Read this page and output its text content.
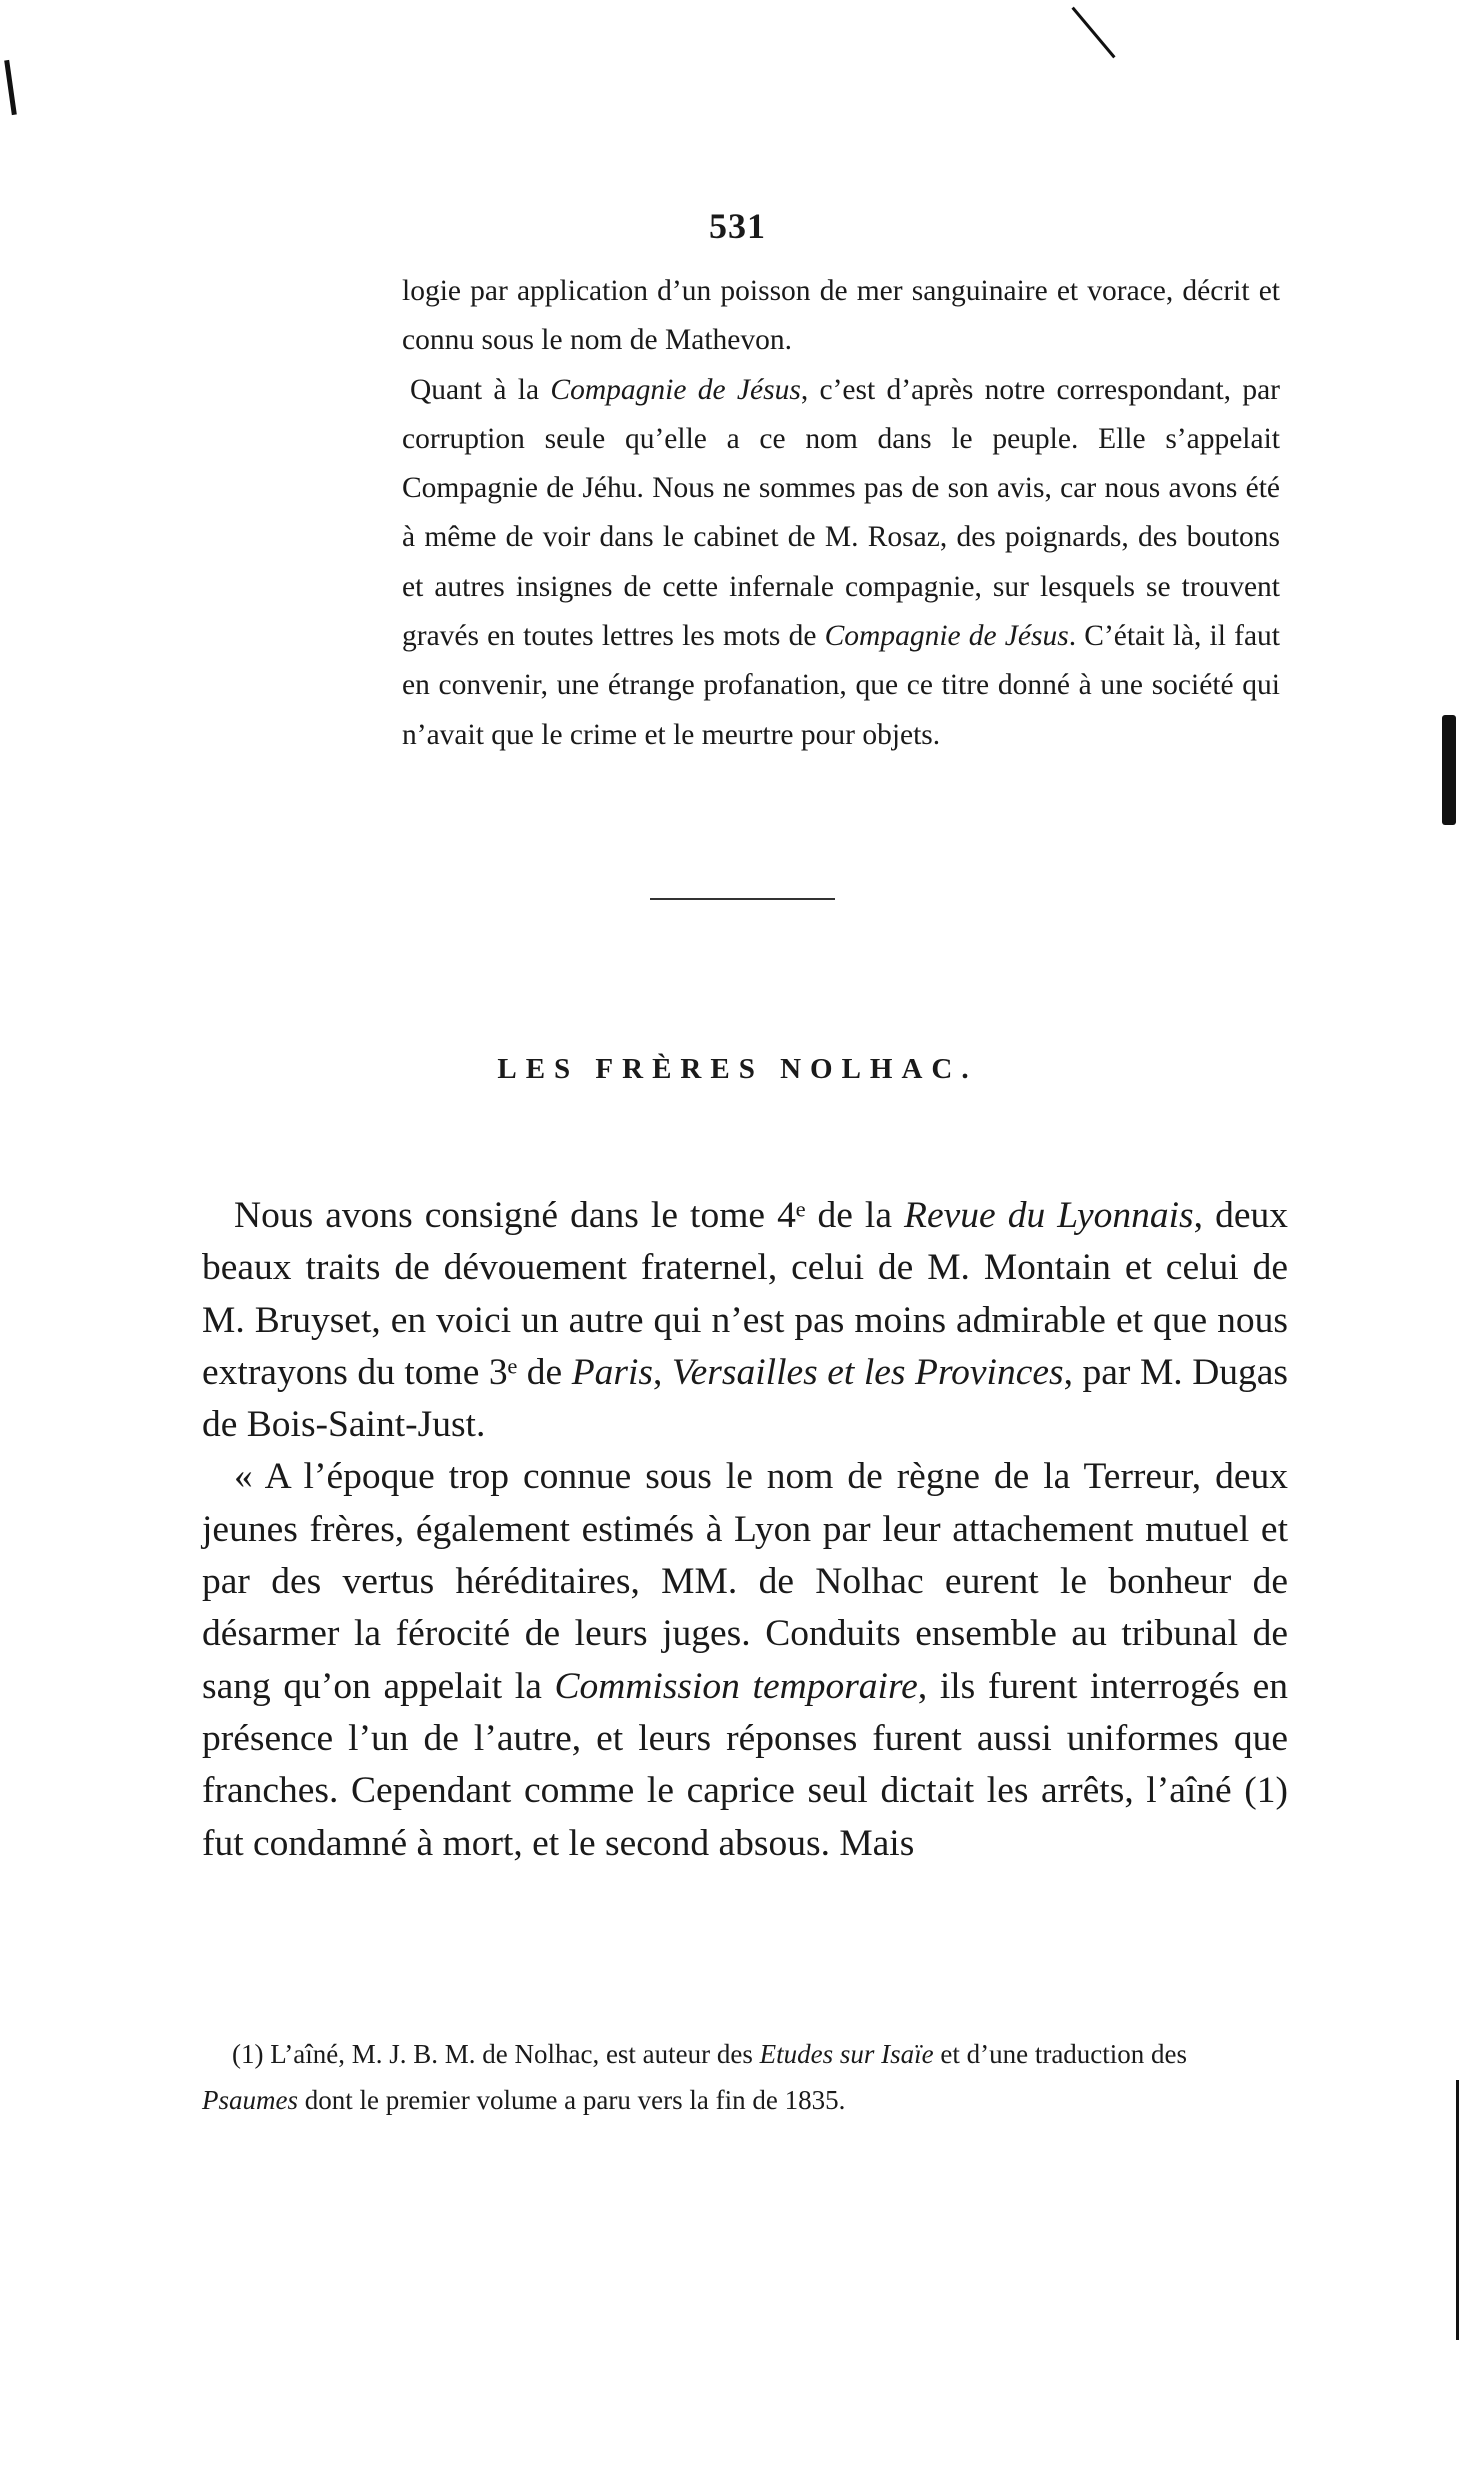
531

logie par application d’un poisson de mer sanguinaire et vorace, décrit et connu sous le nom de Mathevon.

Quant à la Compagnie de Jésus, c’est d’après notre correspondant, par corruption seule qu’elle a ce nom dans le peuple. Elle s’appelait Compagnie de Jéhu. Nous ne sommes pas de son avis, car nous avons été à même de voir dans le cabinet de M. Rosaz, des poignards, des boutons et autres insignes de cette infernale compagnie, sur lesquels se trouvent gravés en toutes lettres les mots de Compagnie de Jésus. C’était là, il faut en convenir, une étrange profanation, que ce titre donné à une société qui n’avait que le crime et le meurtre pour objets.

LES FRÈRES NOLHAC.

Nous avons consigné dans le tome 4ᵉ de la Revue du Lyonnais, deux beaux traits de dévouement fraternel, celui de M. Montain et celui de M. Bruyset, en voici un autre qui n’est pas moins admirable et que nous extrayons du tome 3ᵉ de Paris, Versailles et les Provinces, par M. Dugas de Bois-Saint-Just.

« A l’époque trop connue sous le nom de règne de la Terreur, deux jeunes frères, également estimés à Lyon par leur attachement mutuel et par des vertus héréditaires, MM. de Nolhac eurent le bonheur de désarmer la férocité de leurs juges. Conduits ensemble au tribunal de sang qu’on appelait la Commission temporaire, ils furent interrogés en présence l’un de l’autre, et leurs réponses furent aussi uniformes que franches. Cependant comme le caprice seul dictait les arrêts, l’aîné (1) fut condamné à mort, et le second absous. Mais

(1) L’aîné, M. J. B. M. de Nolhac, est auteur des Etudes sur Isaïe et d’une traduction des Psaumes dont le premier volume a paru vers la fin de 1835.
